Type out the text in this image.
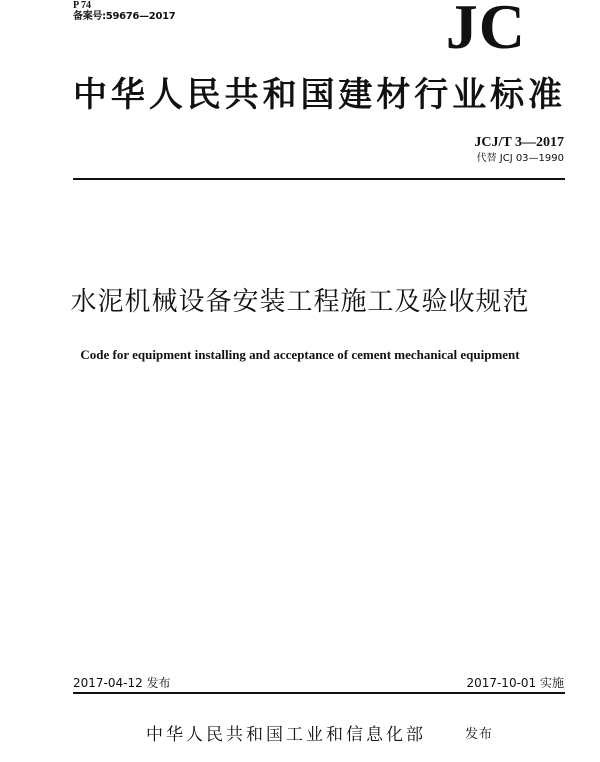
P 74
备案号:59676—2017	JC
中华人民共和国建材行业标准
JCJ/T 3—2017
代替 JCJ 03—1990
水泥机械设备安装工程施工及验收规范
Code for equipment installing and acceptance of cement mechanical equipment
2017-04-12 发布	2017-10-01 实施
中华人民共和国工业和信息化部	发布
